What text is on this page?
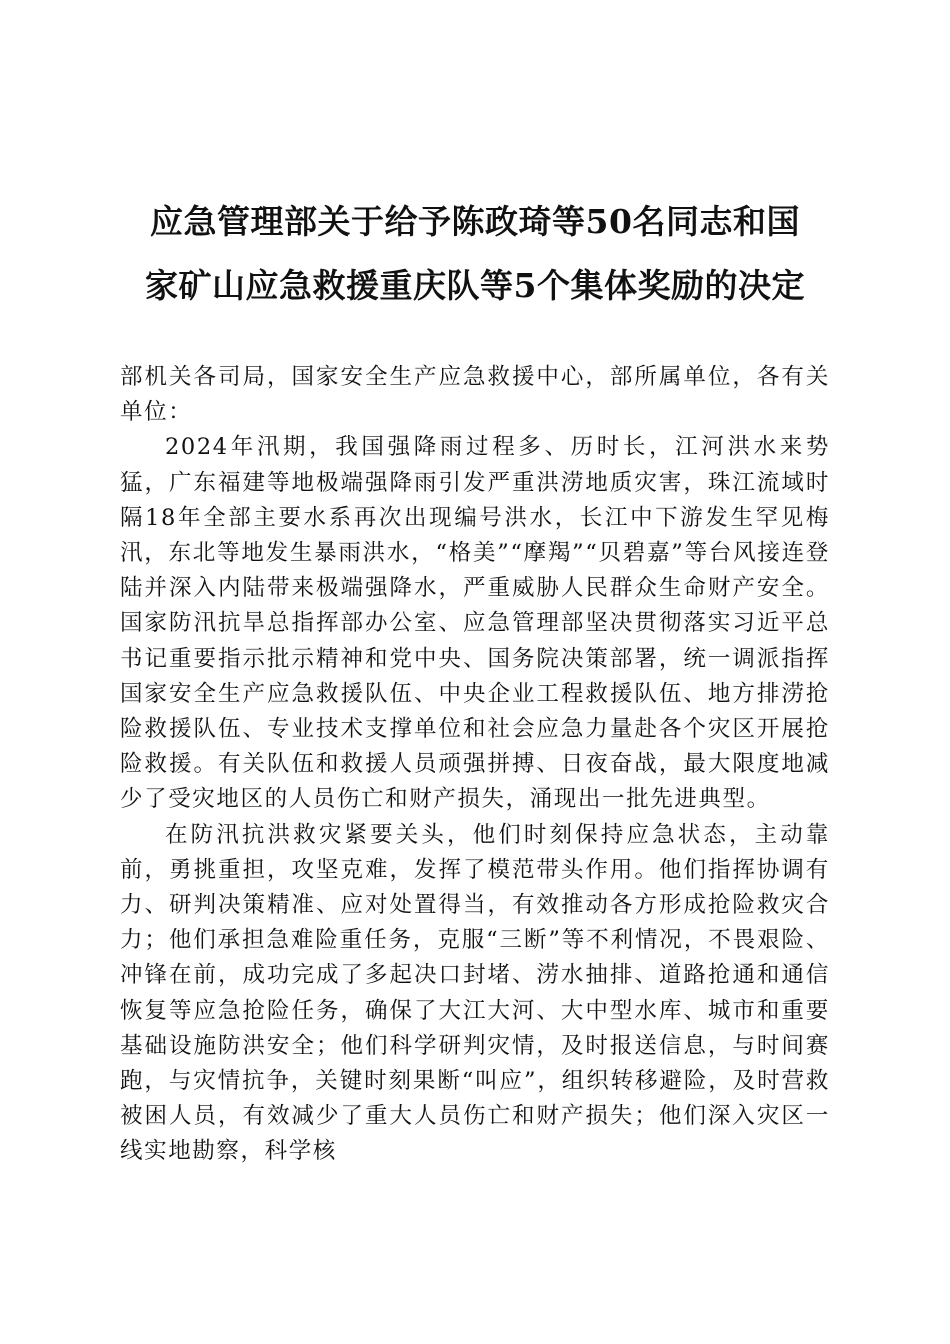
应急管理部关于给予陈政琦等50名同志和国
家矿山应急救援重庆队等5个集体奖励的决定

部机关各司局，国家安全生产应急救援中心，部所属单位，各有关单位：

2024年汛期，我国强降雨过程多、历时长，江河洪水来势猛，广东福建等地极端强降雨引发严重洪涝地质灾害，珠江流域时隔18年全部主要水系再次出现编号洪水，长江中下游发生罕见梅汛，东北等地发生暴雨洪水，“格美”“摩羯”“贝碧嘉”等台风接连登陆并深入内陆带来极端强降水，严重威胁人民群众生命财产安全。国家防汛抗旱总指挥部办公室、应急管理部坚决贯彻落实习近平总书记重要指示批示精神和党中央、国务院决策部署，统一调派指挥国家安全生产应急救援队伍、中央企业工程救援队伍、地方排涝抢险救援队伍、专业技术支撑单位和社会应急力量赴各个灾区开展抢险救援。有关队伍和救援人员顽强拼搏、日夜奋战，最大限度地减少了受灾地区的人员伤亡和财产损失，涌现出一批先进典型。

在防汛抗洪救灾紧要关头，他们时刻保持应急状态，主动靠前，勇挑重担，攻坚克难，发挥了模范带头作用。他们指挥协调有力、研判决策精准、应对处置得当，有效推动各方形成抢险救灾合力；他们承担急难险重任务，克服“三断”等不利情况，不畏艰险、冲锋在前，成功完成了多起决口封堵、涝水抽排、道路抢通和通信恢复等应急抢险任务，确保了大江大河、大中型水库、城市和重要基础设施防洪安全；他们科学研判灾情，及时报送信息，与时间赛跑，与灾情抗争，关键时刻果断“叫应”，组织转移避险，及时营救被困人员，有效减少了重大人员伤亡和财产损失；他们深入灾区一线实地勘察，科学核
